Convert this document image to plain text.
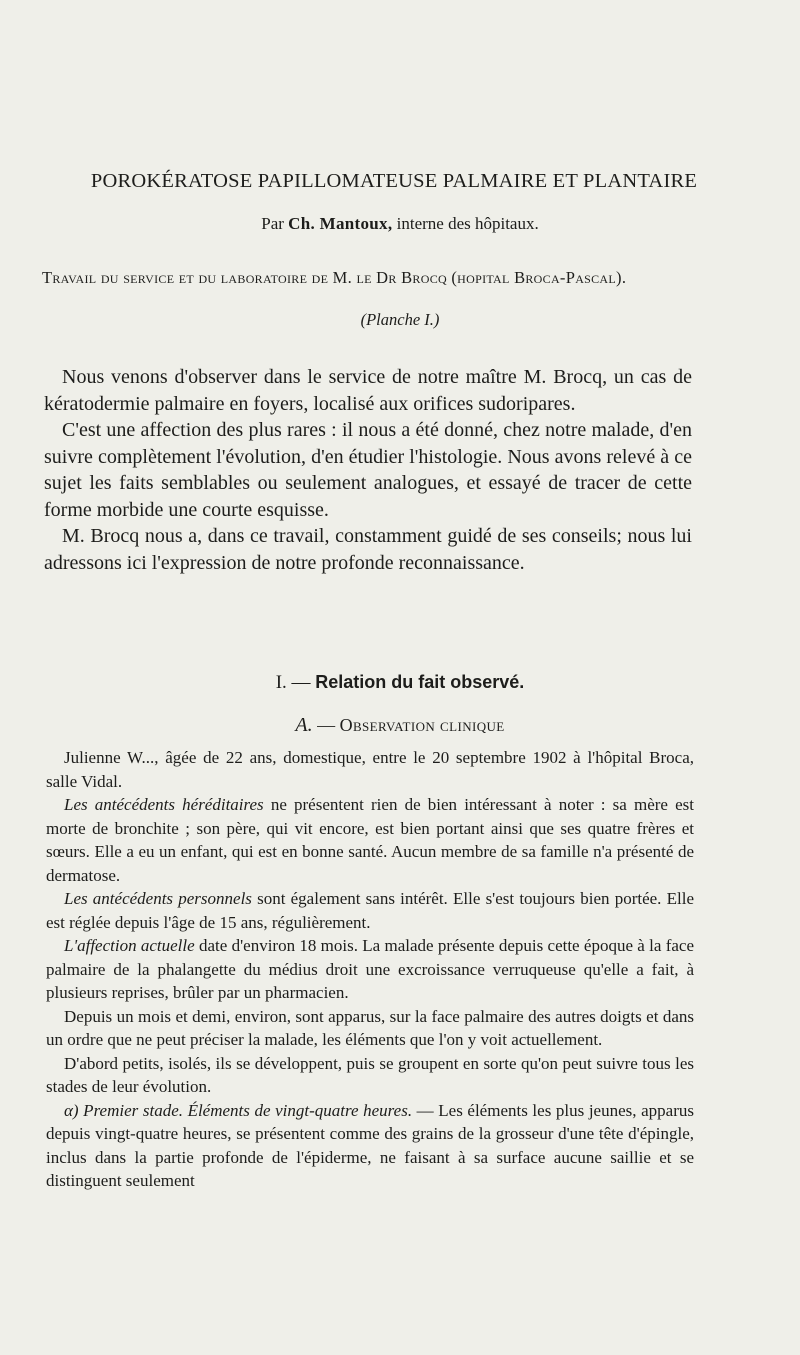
POROKÉRATOSE PAPILLOMATEUSE PALMAIRE ET PLANTAIRE
Par Ch. Mantoux, interne des hôpitaux.
Travail du service et du laboratoire de M. le Dr Brocq (hopital Broca-Pascal).
(Planche I.)

Nous venons d'observer dans le service de notre maître M. Brocq, un cas de kératodermie palmaire en foyers, localisé aux orifices sudoripares.

C'est une affection des plus rares : il nous a été donné, chez notre malade, d'en suivre complètement l'évolution, d'en étudier l'histologie. Nous avons relevé à ce sujet les faits semblables ou seulement analogues, et essayé de tracer de cette forme morbide une courte esquisse.

M. Brocq nous a, dans ce travail, constamment guidé de ses conseils; nous lui adressons ici l'expression de notre profonde reconnaissance.

I. — Relation du fait observé.
A. — Observation clinique

Julienne W..., âgée de 22 ans, domestique, entre le 20 septembre 1902 à l'hôpital Broca, salle Vidal.

Les antécédents héréditaires ne présentent rien de bien intéressant à noter : sa mère est morte de bronchite ; son père, qui vit encore, est bien portant ainsi que ses quatre frères et sœurs. Elle a eu un enfant, qui est en bonne santé. Aucun membre de sa famille n'a présenté de dermatose.

Les antécédents personnels sont également sans intérêt. Elle s'est toujours bien portée. Elle est réglée depuis l'âge de 15 ans, régulièrement.

L'affection actuelle date d'environ 18 mois. La malade présente depuis cette époque à la face palmaire de la phalangette du médius droit une excroissance verruqueuse qu'elle a fait, à plusieurs reprises, brûler par un pharmacien.

Depuis un mois et demi, environ, sont apparus, sur la face palmaire des autres doigts et dans un ordre que ne peut préciser la malade, les éléments que l'on y voit actuellement.

D'abord petits, isolés, ils se développent, puis se groupent en sorte qu'on peut suivre tous les stades de leur évolution.

α) Premier stade. Éléments de vingt-quatre heures. — Les éléments les plus jeunes, apparus depuis vingt-quatre heures, se présentent comme des grains de la grosseur d'une tête d'épingle, inclus dans la partie profonde de l'épiderme, ne faisant à sa surface aucune saillie et se distinguent seulement
